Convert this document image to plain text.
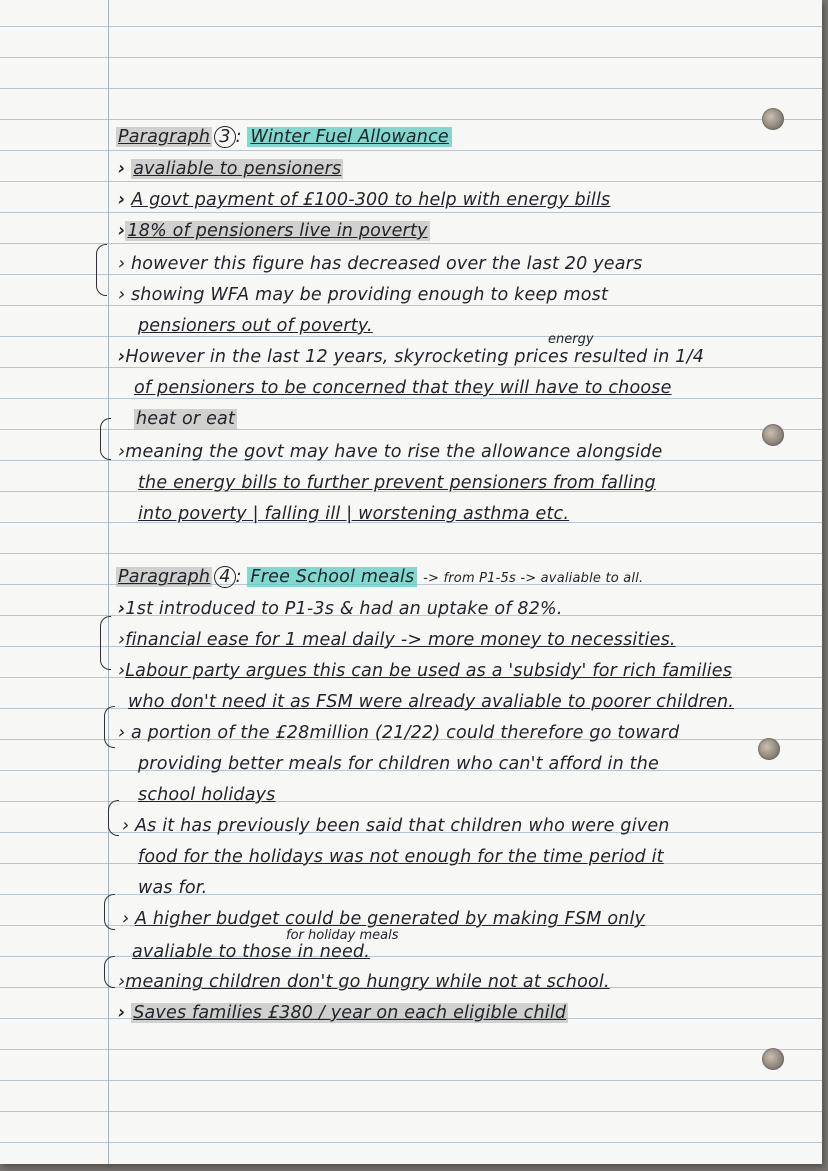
Paragraph 3 : Winter Fuel Allowance
› avaliable to pensioners
› A govt payment of £100-300 to help with energy bills
› 18% of pensioners live in poverty
› however this figure has decreased over the last 20 years
› showing WFA may be providing enough to keep most
pensioners out of poverty.
energy
›However in the last 12 years, skyrocketing prices resulted in 1/4
of pensioners to be concerned that they will have to choose
heat or eat
›meaning the govt may have to rise the allowance alongside
the energy bills to further prevent pensioners from falling
into poverty | falling ill | worstening asthma etc.
Paragraph 4 : Free School meals -> from P1-5s -> avaliable to all.
›1st introduced to P1-3s & had an uptake of 82%.
›financial ease for 1 meal daily -> more money to necessities.
›Labour party argues this can be used as a 'subsidy' for rich families
who don't need it as FSM were already avaliable to poorer children.
› a portion of the £28million (21/22) could therefore go toward
providing better meals for children who can't afford in the
school holidays
› As it has previously been said that children who were given
food for the holidays was not enough for the time period it
was for.
› A higher budget could be generated by making FSM only
for holiday meals
avaliable to those in need.
›meaning children don't go hungry while not at school.
› Saves families £380 / year on each eligible child
